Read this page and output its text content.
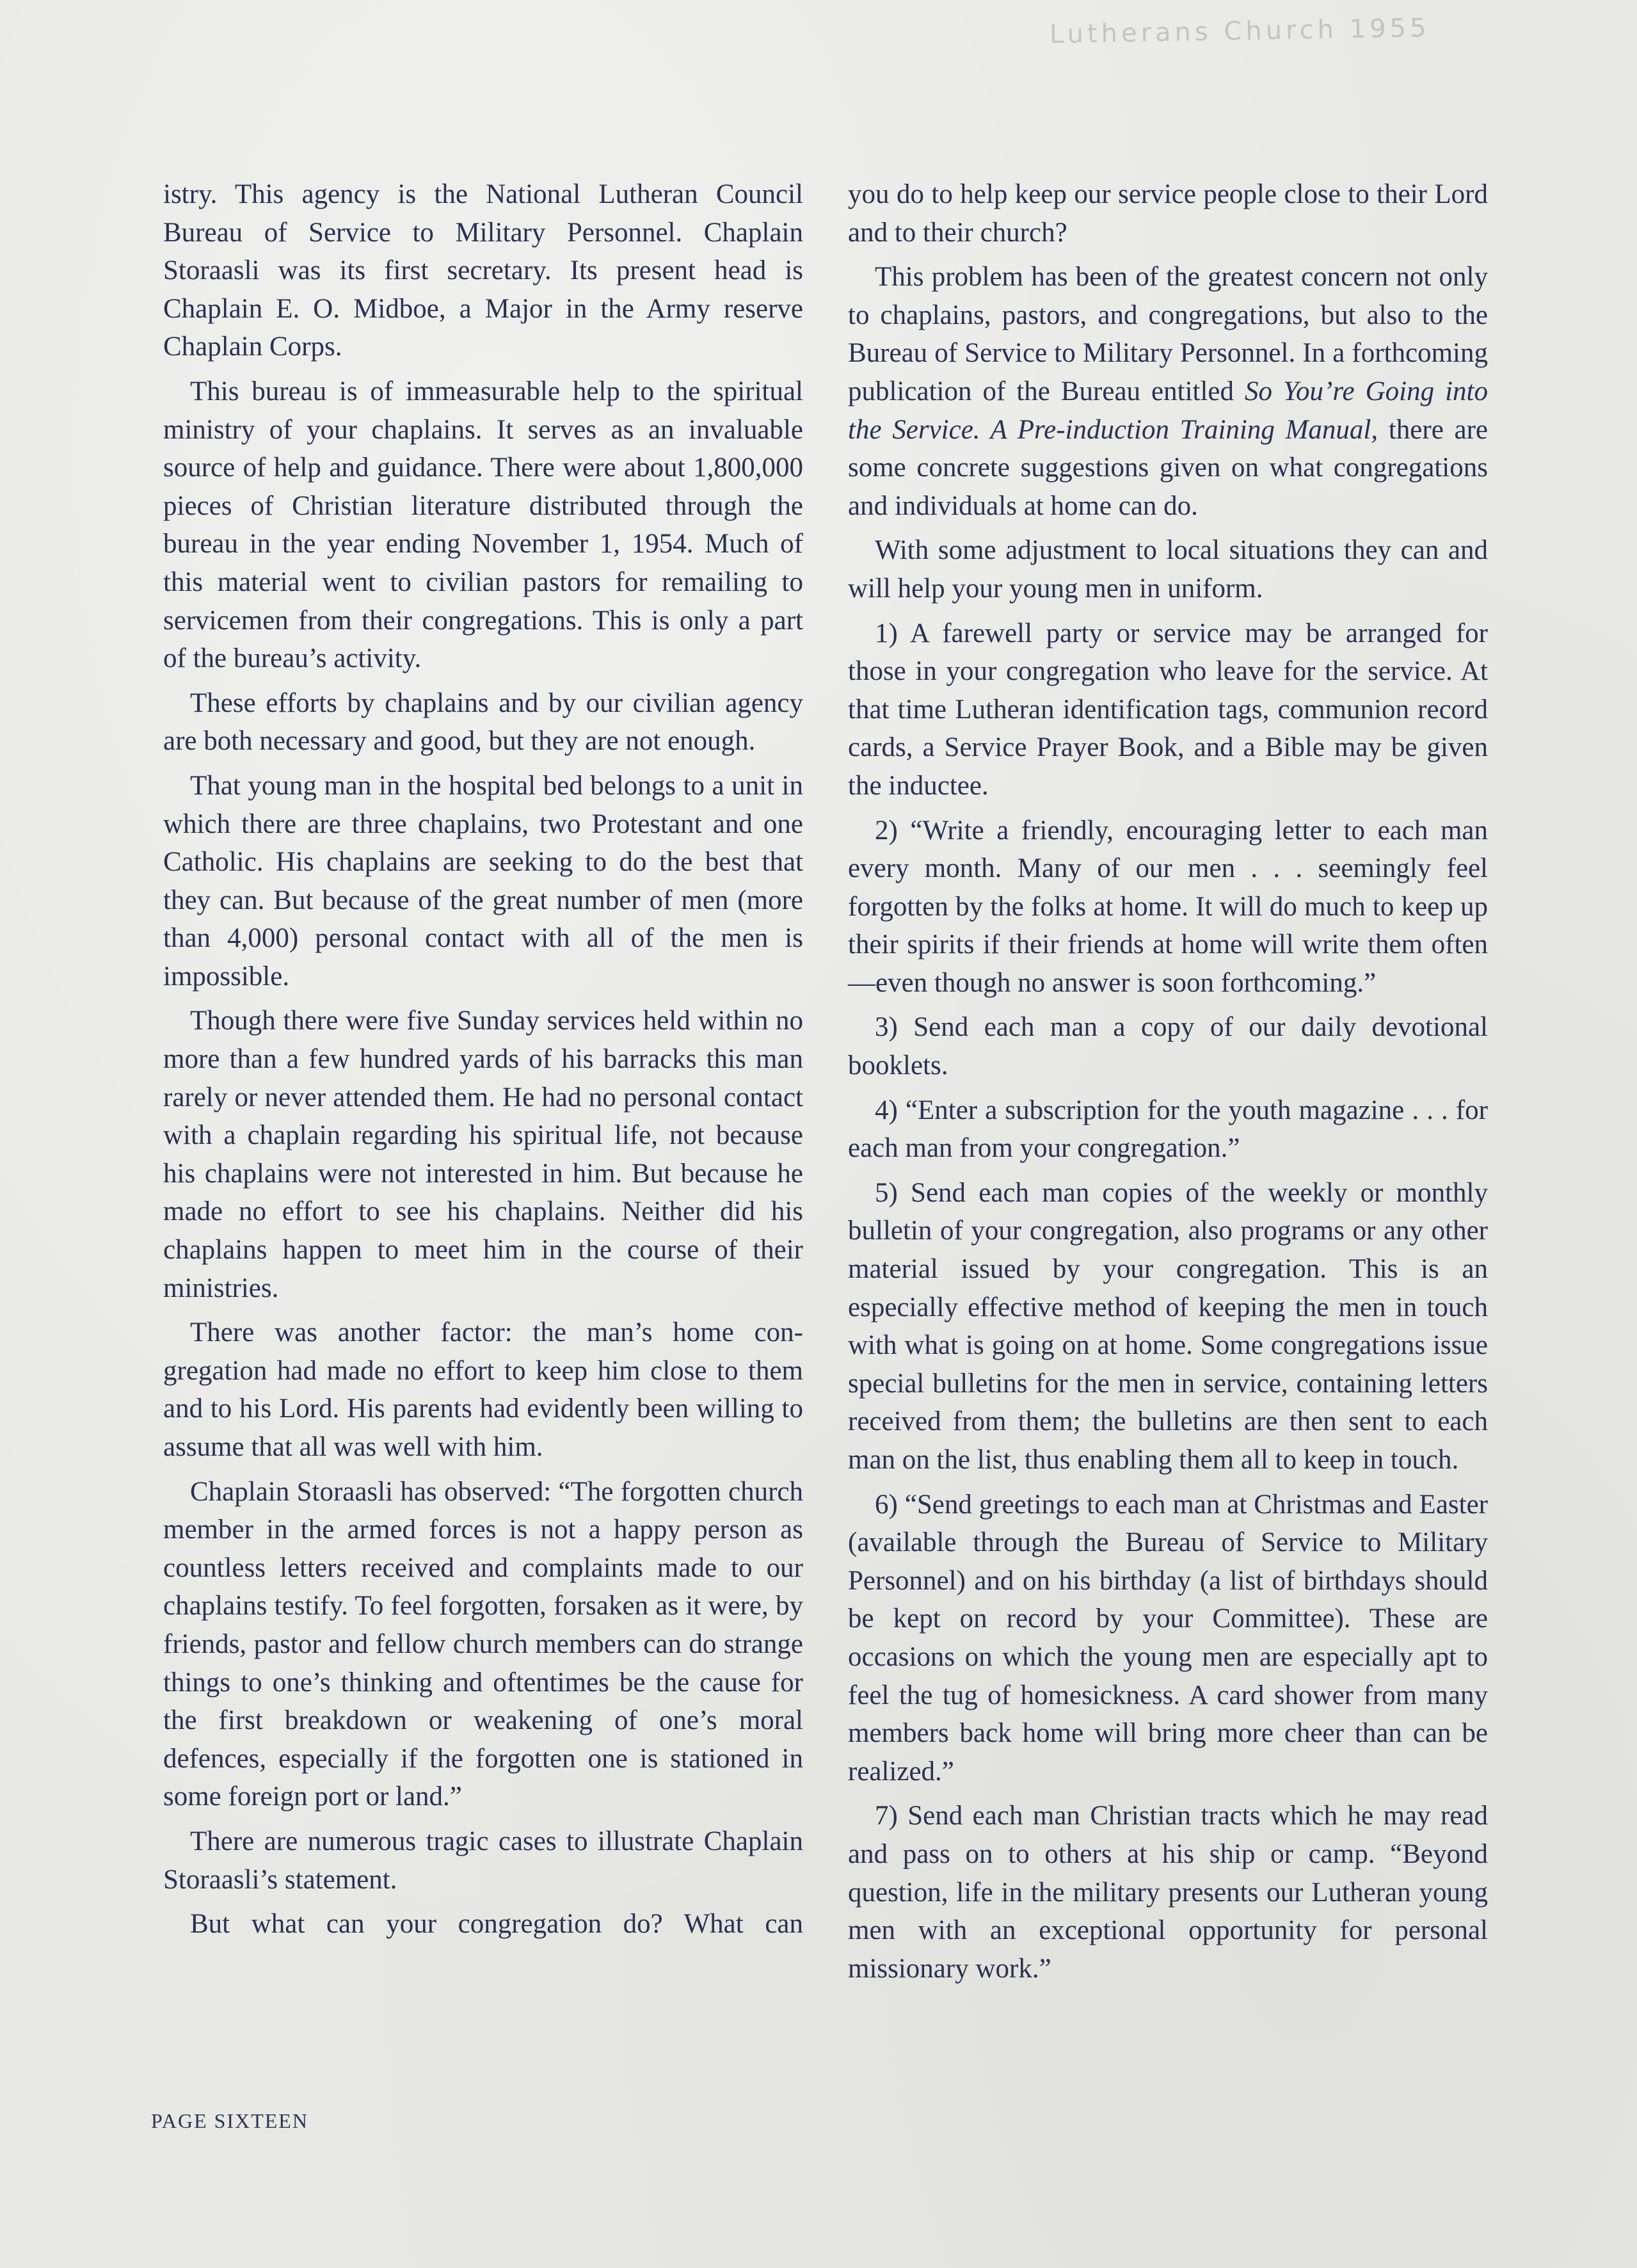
Lutherans Church 1955

istry. This agency is the National Lutheran Council Bureau of Service to Military Personnel. Chaplain Storaasli was its first secretary. Its present head is Chaplain E. O. Midboe, a Major in the Army reserve Chaplain Corps.

This bureau is of immeasurable help to the spiritual ministry of your chaplains. It serves as an invaluable source of help and guidance. There were about 1,800,000 pieces of Christian literature distributed through the bureau in the year ending November 1, 1954. Much of this material went to civilian pastors for remailing to servicemen from their congregations. This is only a part of the bureau’s activity.

These efforts by chaplains and by our civilian agency are both necessary and good, but they are not enough.

That young man in the hospital bed belongs to a unit in which there are three chaplains, two Protestant and one Catholic. His chaplains are seeking to do the best that they can. But because of the great number of men (more than 4,000) personal contact with all of the men is impossible.

Though there were five Sunday services held within no more than a few hundred yards of his barracks this man rarely or never attended them. He had no personal contact with a chaplain regarding his spiritual life, not because his chaplains were not interested in him. But because he made no effort to see his chaplains. Neither did his chaplains happen to meet him in the course of their ministries.

There was another factor: the man’s home congregation had made no effort to keep him close to them and to his Lord. His parents had evidently been willing to assume that all was well with him.

Chaplain Storaasli has observed: “The forgotten church member in the armed forces is not a happy person as countless letters received and complaints made to our chaplains testify. To feel forgotten, forsaken as it were, by friends, pastor and fellow church members can do strange things to one’s thinking and oftentimes be the cause for the first breakdown or weakening of one’s moral defences, especially if the forgotten one is stationed in some foreign port or land.”

There are numerous tragic cases to illustrate Chaplain Storaasli’s statement.

But what can your congregation do? What can

you do to help keep our service people close to their Lord and to their church?

This problem has been of the greatest concern not only to chaplains, pastors, and congregations, but also to the Bureau of Service to Military Personnel. In a forthcoming publication of the Bureau entitled So You’re Going into the Service. A Pre-induction Training Manual, there are some concrete suggestions given on what congregations and individuals at home can do.

With some adjustment to local situations they can and will help your young men in uniform.

1) A farewell party or service may be arranged for those in your congregation who leave for the service. At that time Lutheran identification tags, communion record cards, a Service Prayer Book, and a Bible may be given the inductee.

2) “Write a friendly, encouraging letter to each man every month. Many of our men . . . seemingly feel forgotten by the folks at home. It will do much to keep up their spirits if their friends at home will write them often—even though no answer is soon forthcoming.”

3) Send each man a copy of our daily devotional booklets.

4) “Enter a subscription for the youth magazine . . . for each man from your congregation.”

5) Send each man copies of the weekly or monthly bulletin of your congregation, also programs or any other material issued by your congregation. This is an especially effective method of keeping the men in touch with what is going on at home. Some congregations issue special bulletins for the men in service, containing letters received from them; the bulletins are then sent to each man on the list, thus enabling them all to keep in touch.

6) “Send greetings to each man at Christmas and Easter (available through the Bureau of Service to Military Personnel) and on his birthday (a list of birthdays should be kept on record by your Committee). These are occasions on which the young men are especially apt to feel the tug of homesickness. A card shower from many members back home will bring more cheer than can be realized.”

7) Send each man Christian tracts which he may read and pass on to others at his ship or camp. “Beyond question, life in the military presents our Lutheran young men with an exceptional opportunity for personal missionary work.”

PAGE SIXTEEN
